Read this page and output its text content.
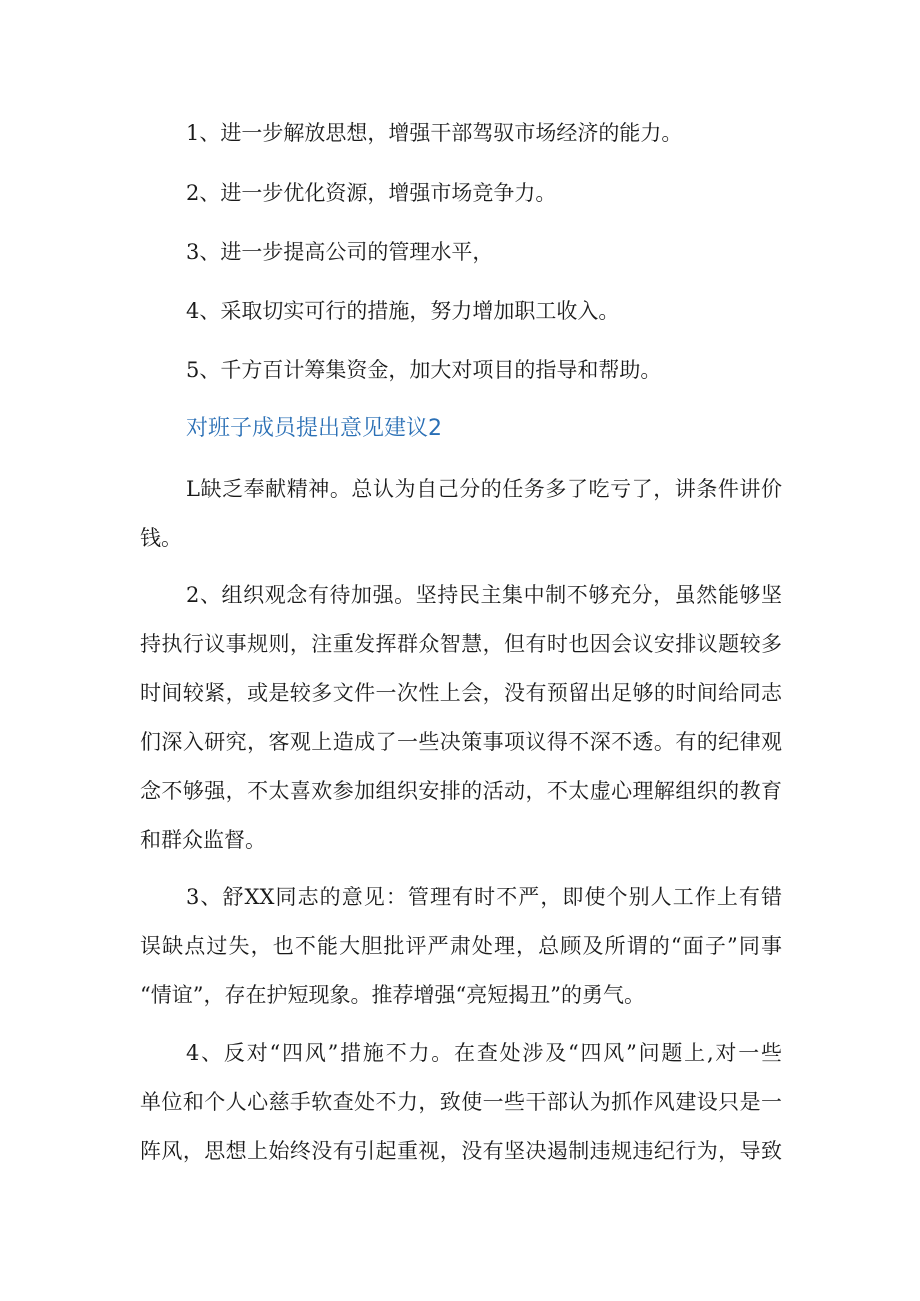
1、进一步解放思想，增强干部驾驭市场经济的能力。
2、进一步优化资源，增强市场竞争力。
3、进一步提高公司的管理水平，
4、采取切实可行的措施，努力增加职工收入。
5、千方百计筹集资金，加大对项目的指导和帮助。
对班子成员提出意见建议2
L缺乏奉献精神。总认为自己分的任务多了吃亏了，讲条件讲价
钱。
2、组织观念有待加强。坚持民主集中制不够充分，虽然能够坚
持执行议事规则，注重发挥群众智慧，但有时也因会议安排议题较多
时间较紧，或是较多文件一次性上会，没有预留出足够的时间给同志
们深入研究，客观上造成了一些决策事项议得不深不透。有的纪律观
念不够强，不太喜欢参加组织安排的活动，不太虚心理解组织的教育
和群众监督。
3、舒XX同志的意见：管理有时不严，即使个别人工作上有错
误缺点过失，也不能大胆批评严肃处理，总顾及所谓的“面子”同事
“情谊”，存在护短现象。推荐增强“亮短揭丑”的勇气。
4、反对“四风”措施不力。在查处涉及“四风”问题上,对一些
单位和个人心慈手软查处不力，致使一些干部认为抓作风建设只是一
阵风，思想上始终没有引起重视，没有坚决遏制违规违纪行为，导致
